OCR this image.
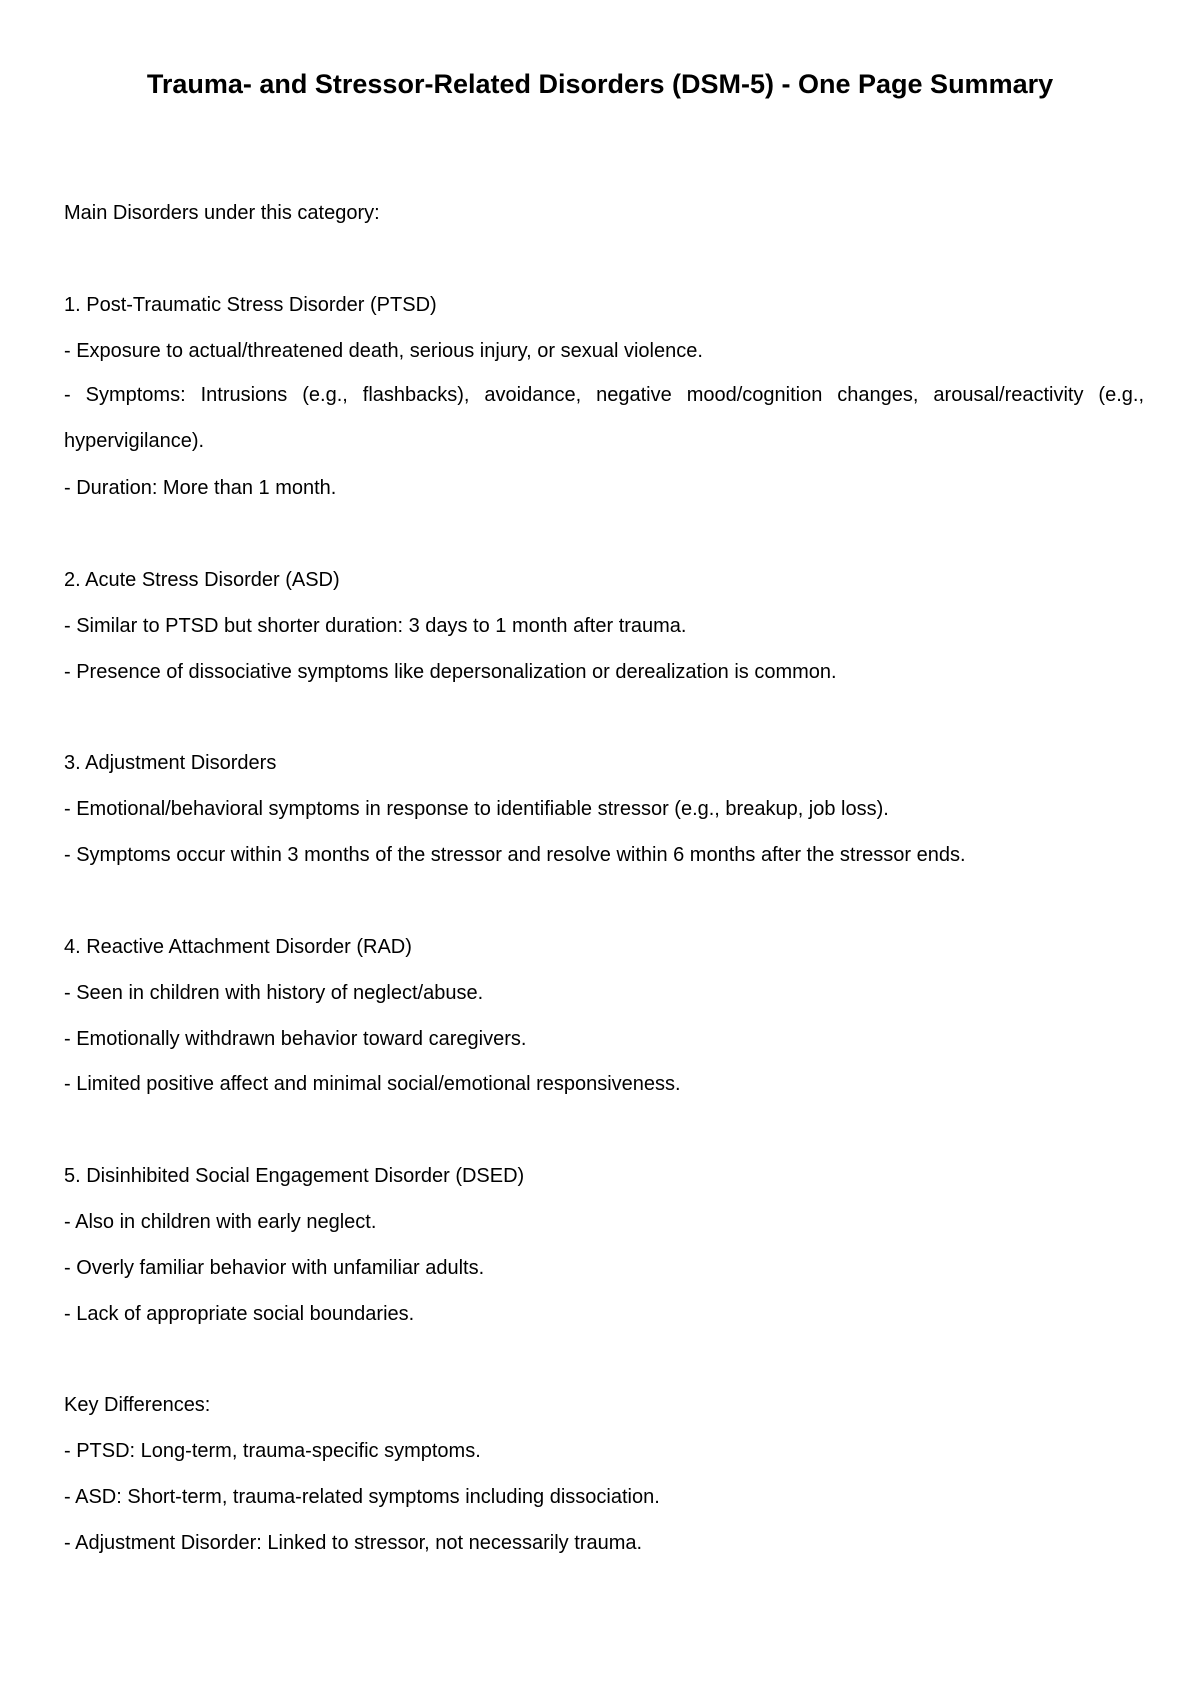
Trauma- and Stressor-Related Disorders (DSM-5) - One Page Summary
Main Disorders under this category:
1. Post-Traumatic Stress Disorder (PTSD)
- Exposure to actual/threatened death, serious injury, or sexual violence.
- Symptoms: Intrusions (e.g., flashbacks), avoidance, negative mood/cognition changes, arousal/reactivity (e.g., hypervigilance).
- Duration: More than 1 month.
2. Acute Stress Disorder (ASD)
- Similar to PTSD but shorter duration: 3 days to 1 month after trauma.
- Presence of dissociative symptoms like depersonalization or derealization is common.
3. Adjustment Disorders
- Emotional/behavioral symptoms in response to identifiable stressor (e.g., breakup, job loss).
- Symptoms occur within 3 months of the stressor and resolve within 6 months after the stressor ends.
4. Reactive Attachment Disorder (RAD)
- Seen in children with history of neglect/abuse.
- Emotionally withdrawn behavior toward caregivers.
- Limited positive affect and minimal social/emotional responsiveness.
5. Disinhibited Social Engagement Disorder (DSED)
- Also in children with early neglect.
- Overly familiar behavior with unfamiliar adults.
- Lack of appropriate social boundaries.
Key Differences:
- PTSD: Long-term, trauma-specific symptoms.
- ASD: Short-term, trauma-related symptoms including dissociation.
- Adjustment Disorder: Linked to stressor, not necessarily trauma.
